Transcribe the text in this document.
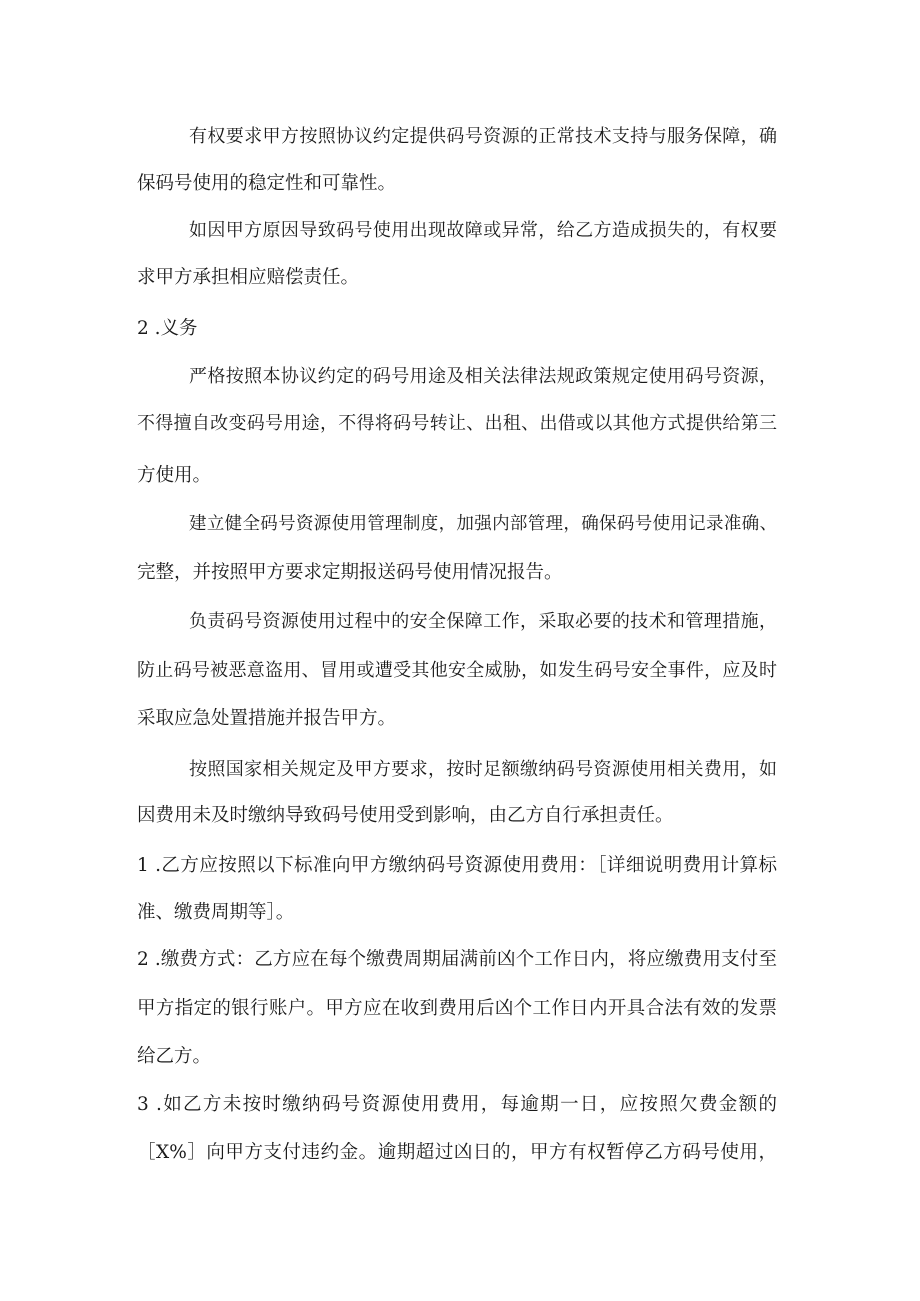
有权要求甲方按照协议约定提供码号资源的正常技术支持与服务保障，确
保码号使用的稳定性和可靠性。
如因甲方原因导致码号使用出现故障或异常，给乙方造成损失的，有权要
求甲方承担相应赔偿责任。
2 .义务
严格按照本协议约定的码号用途及相关法律法规政策规定使用码号资源，
不得擅自改变码号用途，不得将码号转让、出租、出借或以其他方式提供给第三
方使用。
建立健全码号资源使用管理制度，加强内部管理，确保码号使用记录准确、
完整，并按照甲方要求定期报送码号使用情况报告。
负责码号资源使用过程中的安全保障工作，采取必要的技术和管理措施，
防止码号被恶意盗用、冒用或遭受其他安全威胁，如发生码号安全事件，应及时
采取应急处置措施并报告甲方。
按照国家相关规定及甲方要求，按时足额缴纳码号资源使用相关费用，如
因费用未及时缴纳导致码号使用受到影响，由乙方自行承担责任。
1 .乙方应按照以下标准向甲方缴纳码号资源使用费用：［详细说明费用计算标
准、缴费周期等］。
2 .缴费方式：乙方应在每个缴费周期届满前凶个工作日内，将应缴费用支付至
甲方指定的银行账户。甲方应在收到费用后凶个工作日内开具合法有效的发票
给乙方。
3 .如乙方未按时缴纳码号资源使用费用，每逾期一日，应按照欠费金额的
［X%］向甲方支付违约金。逾期超过凶日的，甲方有权暂停乙方码号使用，
